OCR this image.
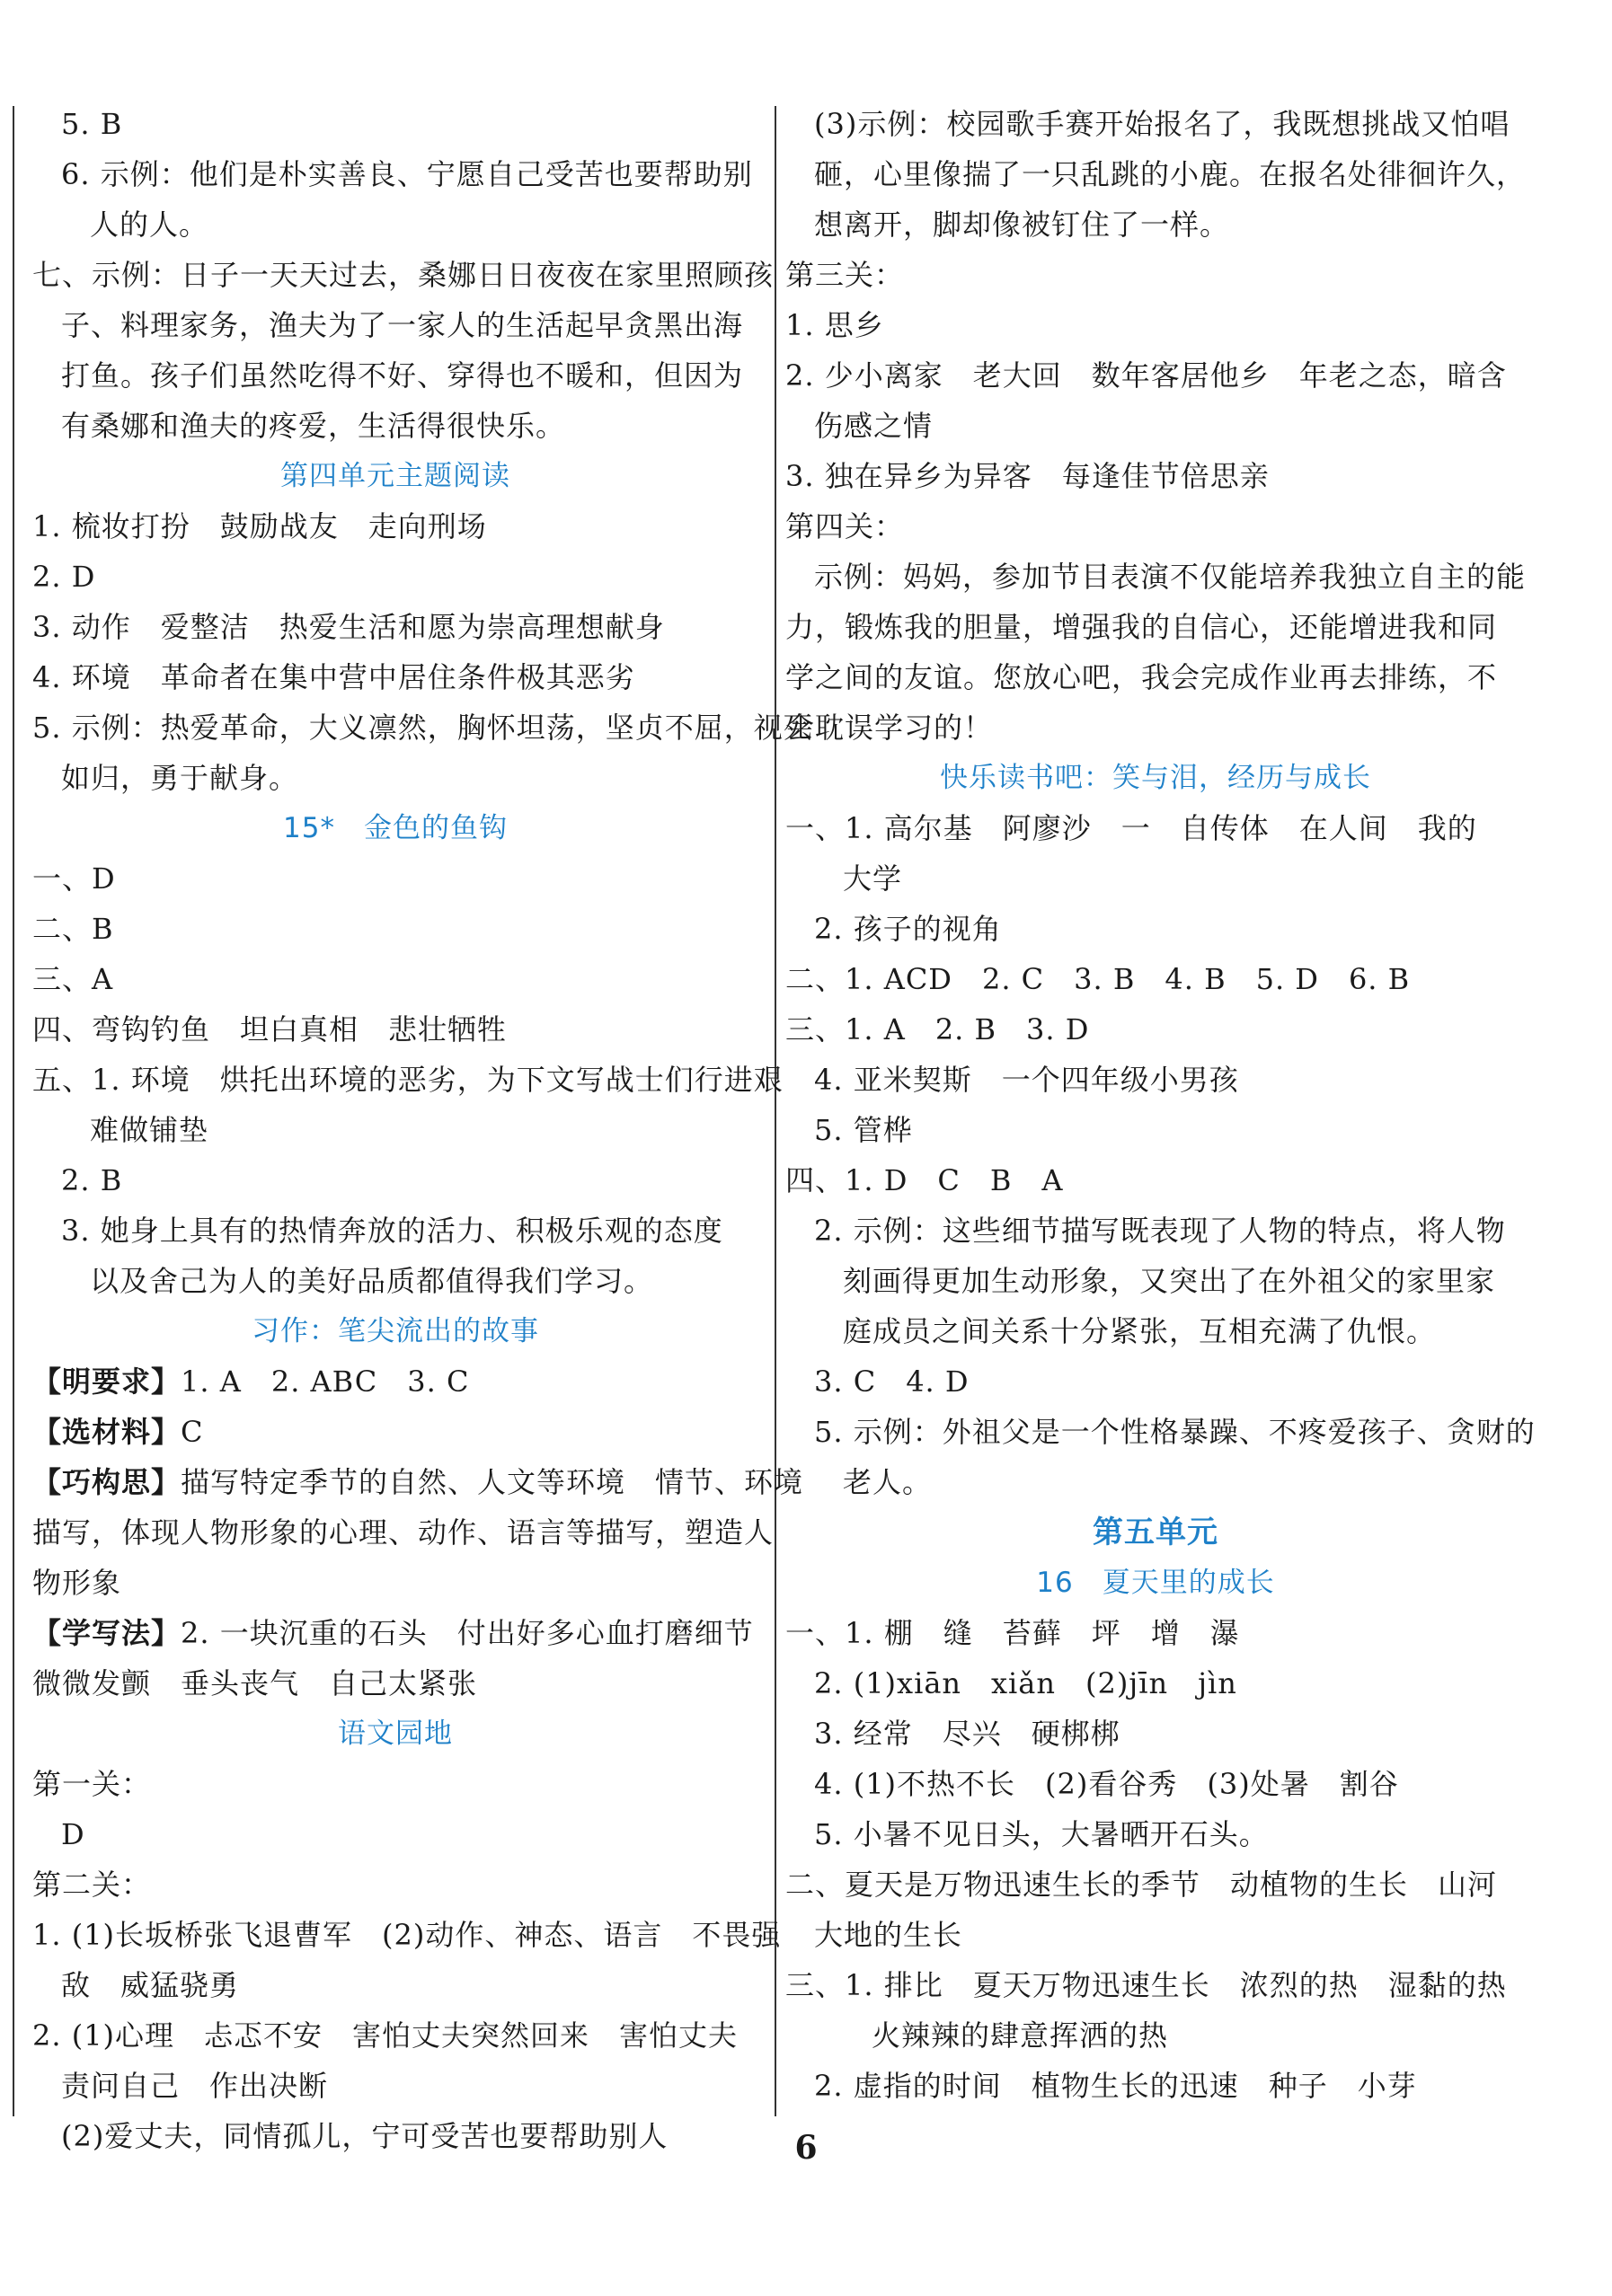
5. B
6. 示例：他们是朴实善良、宁愿自己受苦也要帮助别
人的人。
七、示例：日子一天天过去，桑娜日日夜夜在家里照顾孩
子、料理家务，渔夫为了一家人的生活起早贪黑出海
打鱼。孩子们虽然吃得不好、穿得也不暖和，但因为
有桑娜和渔夫的疼爱，生活得很快乐。
第四单元主题阅读
1. 梳妆打扮　鼓励战友　走向刑场
2. D
3. 动作　爱整洁　热爱生活和愿为崇高理想献身
4. 环境　革命者在集中营中居住条件极其恶劣
5. 示例：热爱革命，大义凛然，胸怀坦荡，坚贞不屈，视死
如归，勇于献身。
15*　金色的鱼钩
一、D
二、B
三、A
四、弯钩钓鱼　坦白真相　悲壮牺牲
五、1. 环境　烘托出环境的恶劣，为下文写战士们行进艰
难做铺垫
2. B
3. 她身上具有的热情奔放的活力、积极乐观的态度
以及舍己为人的美好品质都值得我们学习。
习作：笔尖流出的故事
【明要求】1. A　2. ABC　3. C
【选材料】C
【巧构思】描写特定季节的自然、人文等环境　情节、环境
描写，体现人物形象的心理、动作、语言等描写，塑造人
物形象
【学写法】2. 一块沉重的石头　付出好多心血打磨细节
微微发颤　垂头丧气　自己太紧张
语文园地
第一关：
D
第二关：
1. (1)长坂桥张飞退曹军　(2)动作、神态、语言　不畏强
敌　威猛骁勇
2. (1)心理　忐忑不安　害怕丈夫突然回来　害怕丈夫
责问自己　作出决断
(2)爱丈夫，同情孤儿，宁可受苦也要帮助别人
(3)示例：校园歌手赛开始报名了，我既想挑战又怕唱
砸，心里像揣了一只乱跳的小鹿。在报名处徘徊许久，
想离开，脚却像被钉住了一样。
第三关：
1. 思乡
2. 少小离家　老大回　数年客居他乡　年老之态，暗含
伤感之情
3. 独在异乡为异客　每逢佳节倍思亲
第四关：
示例：妈妈，参加节目表演不仅能培养我独立自主的能
力，锻炼我的胆量，增强我的自信心，还能增进我和同
学之间的友谊。您放心吧，我会完成作业再去排练，不
会耽误学习的！
快乐读书吧：笑与泪，经历与成长
一、1. 高尔基　阿廖沙　一　自传体　在人间　我的
大学
2. 孩子的视角
二、1. ACD　2. C　3. B　4. B　5. D　6. B
三、1. A　2. B　3. D
4. 亚米契斯　一个四年级小男孩
5. 管桦
四、1. D　C　B　A
2. 示例：这些细节描写既表现了人物的特点，将人物
刻画得更加生动形象，又突出了在外祖父的家里家
庭成员之间关系十分紧张，互相充满了仇恨。
3. C　4. D
5. 示例：外祖父是一个性格暴躁、不疼爱孩子、贪财的
老人。
第五单元
16　夏天里的成长
一、1. 棚　缝　苔藓　坪　增　瀑
2. (1)xiān　xiǎn　(2)jīn　jìn
3. 经常　尽兴　硬梆梆
4. (1)不热不长　(2)看谷秀　(3)处暑　割谷
5. 小暑不见日头，大暑晒开石头。
二、夏天是万物迅速生长的季节　动植物的生长　山河
大地的生长
三、1. 排比　夏天万物迅速生长　浓烈的热　湿黏的热
火辣辣的肆意挥洒的热
2. 虚指的时间　植物生长的迅速　种子　小芽
6
